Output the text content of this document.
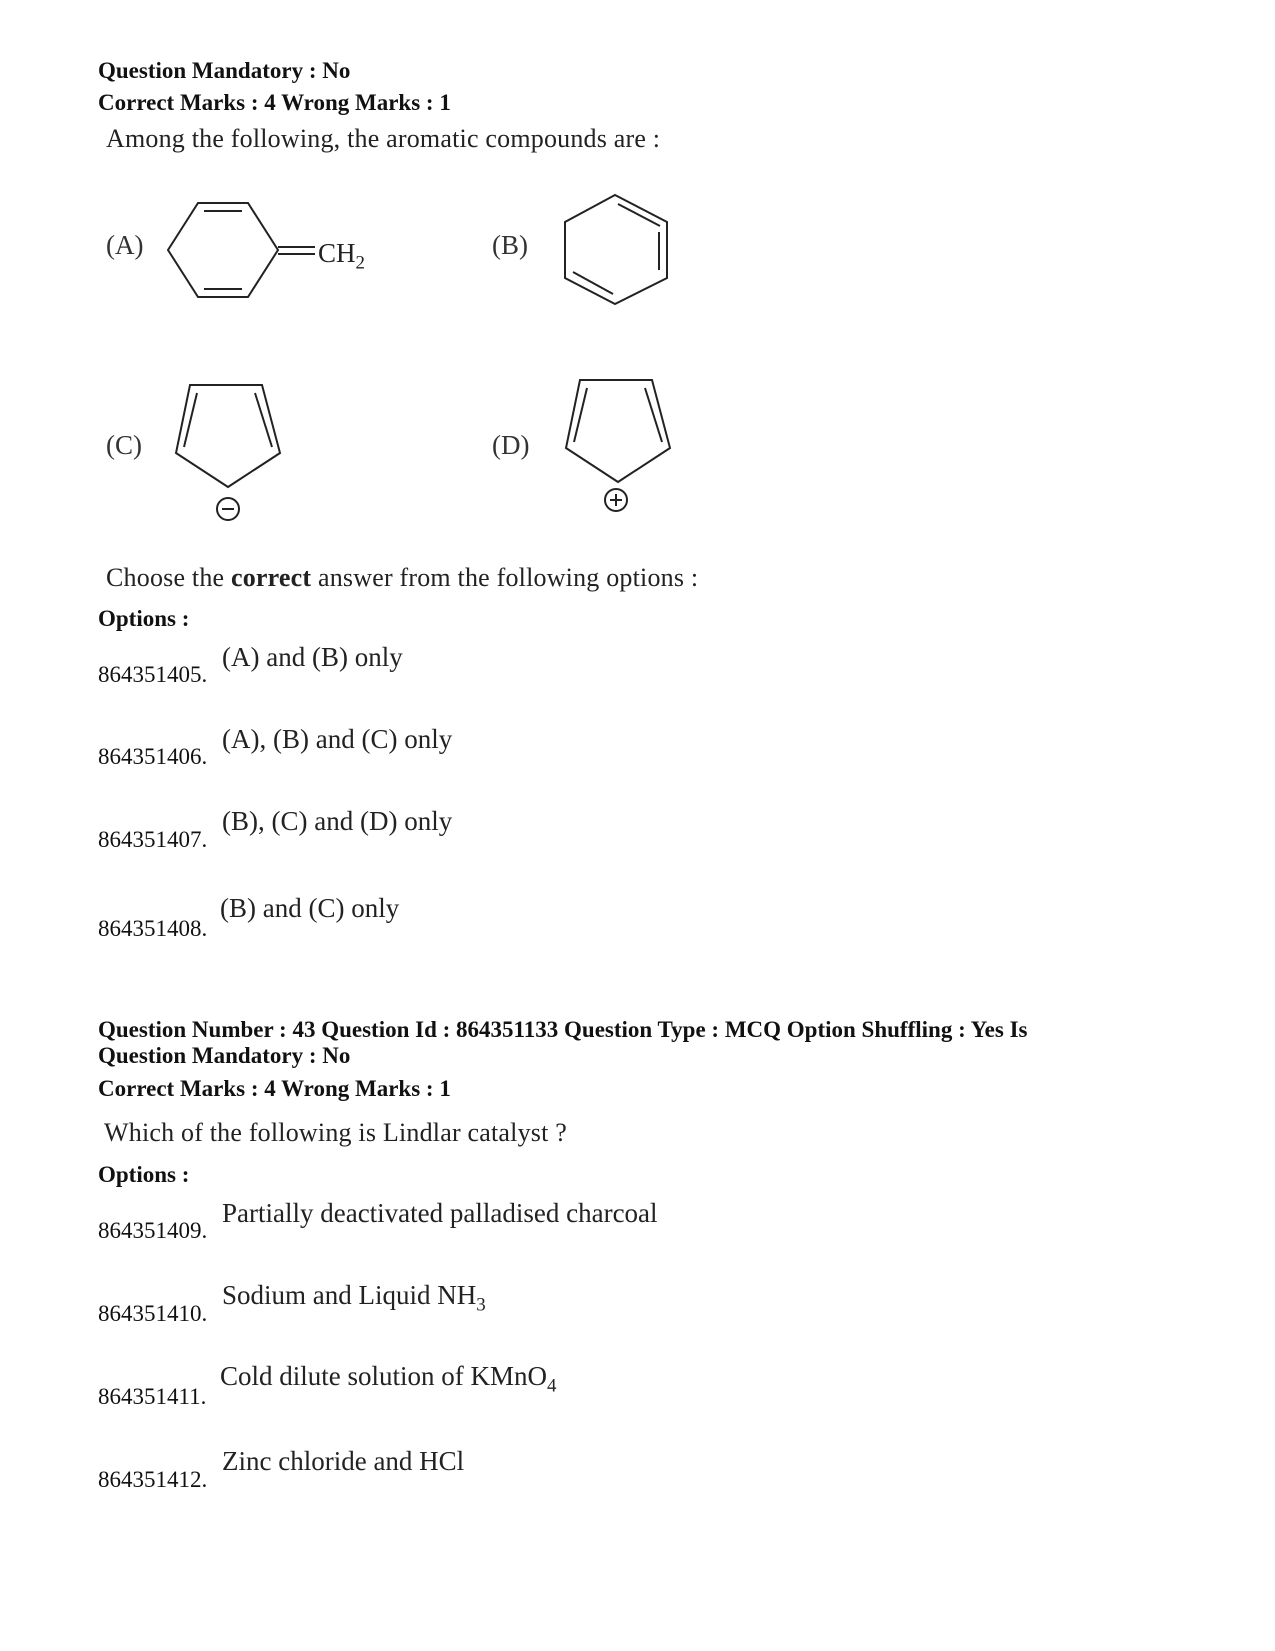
Question Mandatory : No
Correct Marks : 4 Wrong Marks : 1
Among the following, the aromatic compounds are :
(A)	$CH_2$
(B)
(C)	(D)
Choose the correct answer from the following options :
Options :
864351405.
(A) and (B) only
864351406.
(A), (B) and (C) only
864351407.
(B), (C) and (D) only
864351408.
(B) and (C) only
Question Number : 43 Question Id : 864351133 Question Type : MCQ Option Shuffling : Yes Is
Question Mandatory : No
Correct Marks : 4 Wrong Marks : 1
Which of the following is Lindlar catalyst ?
Options :
864351409.
Partially deactivated palladised charcoal
864351410.
Sodium and Liquid $NH_3$
864351411.
Cold dilute solution of KMnO$_4$
864351412.
Zinc chloride and HCl
